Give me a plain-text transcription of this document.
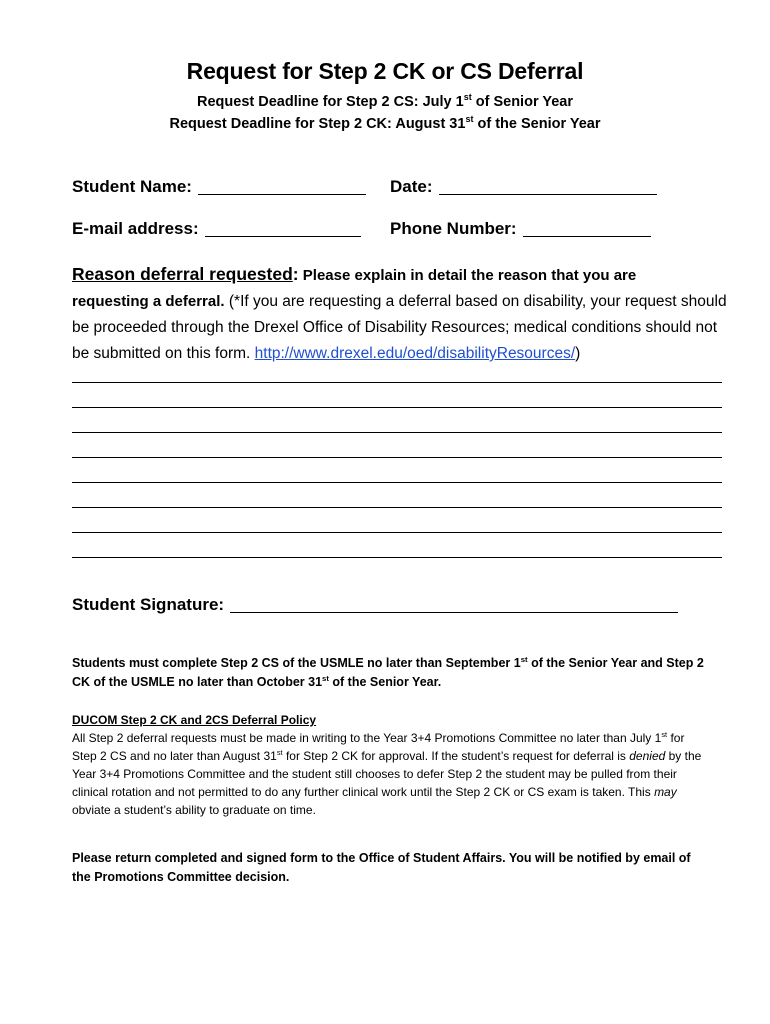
Request for Step 2 CK or CS Deferral
Request Deadline for Step 2 CS: July 1st of Senior Year
Request Deadline for Step 2 CK: August 31st of the Senior Year
Student Name:	Date:
E-mail address:	Phone Number:
Reason deferral requested: Please explain in detail the reason that you are
requesting a deferral. (*If you are requesting a deferral based on disability, your request should be proceeded through the Drexel Office of Disability Resources; medical conditions should not be submitted on this form. http://www.drexel.edu/oed/disabilityResources/)
Student Signature:
Students must complete Step 2 CS of the USMLE no later than September 1st of the Senior Year and Step 2 CK of the USMLE no later than October 31st of the Senior Year.
DUCOM Step 2 CK and 2CS Deferral Policy
All Step 2 deferral requests must be made in writing to the Year 3+4 Promotions Committee no later than July 1st for Step 2 CS and no later than August 31st for Step 2 CK for approval. If the student’s request for deferral is denied by the Year 3+4 Promotions Committee and the student still chooses to defer Step 2 the student may be pulled from their clinical rotation and not permitted to do any further clinical work until the Step 2 CK or CS exam is taken. This may obviate a student’s ability to graduate on time.
Please return completed and signed form to the Office of Student Affairs. You will be notified by email of the Promotions Committee decision.
